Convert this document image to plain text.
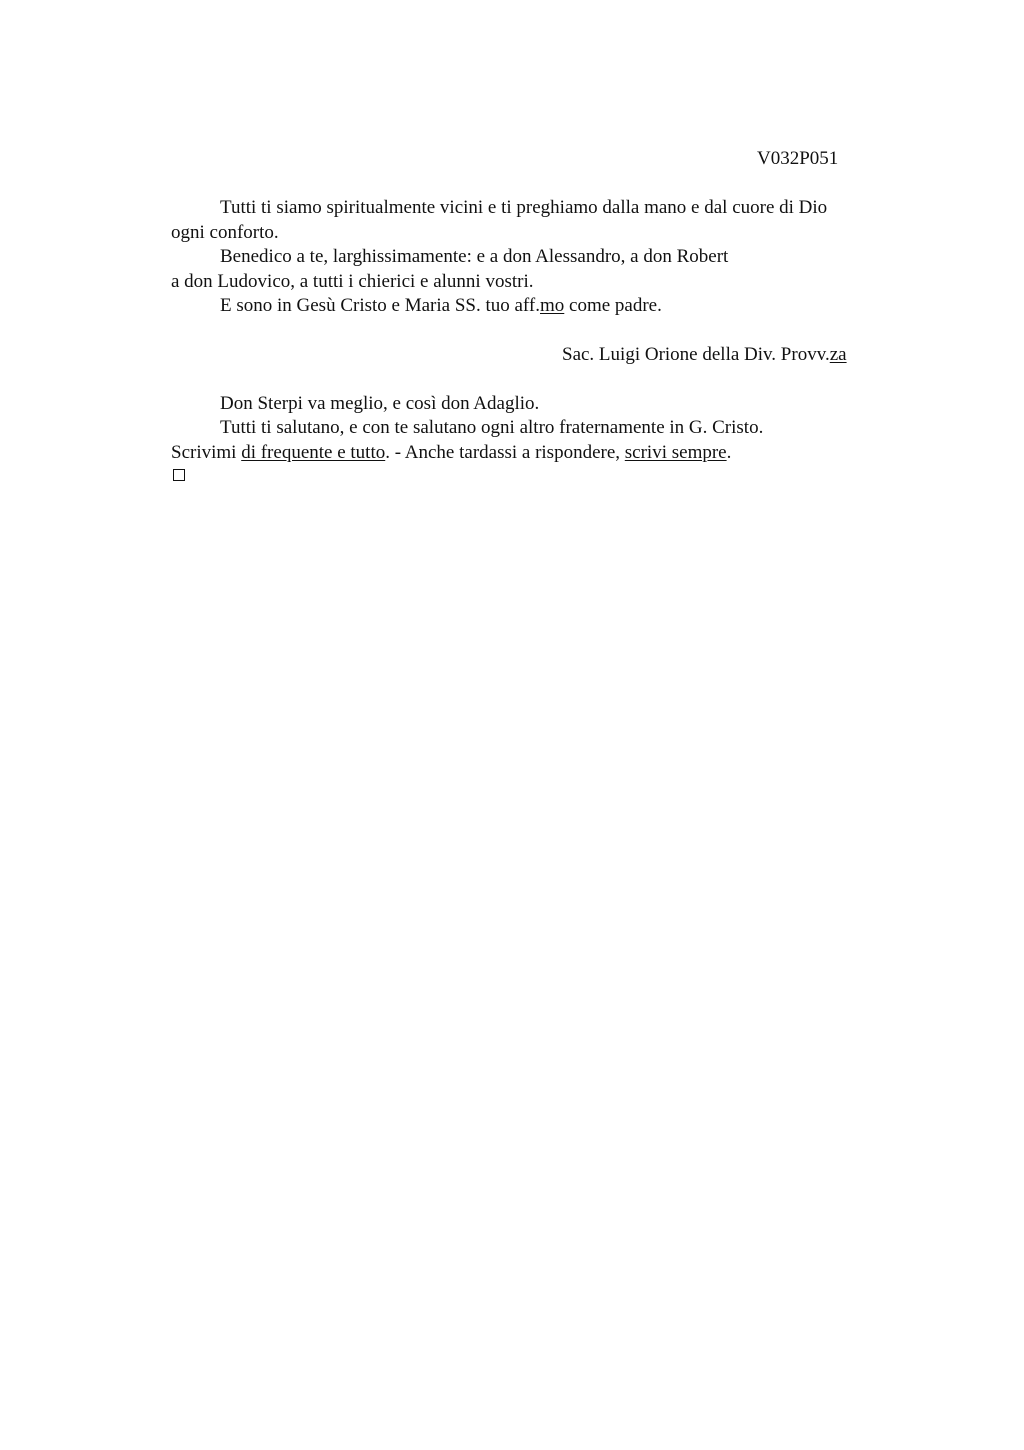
V032P051
Tutti ti siamo spiritualmente vicini e ti preghiamo dalla mano e dal cuore di Dio
ogni conforto.
Benedico a te, larghissimamente: e a don Alessandro, a don Robert
a don Ludovico, a tutti i chierici e alunni vostri.
E sono in Gesù Cristo e Maria SS. tuo aff.mo come padre.
Sac. Luigi Orione della Div. Provv.za
Don Sterpi va meglio, e così don Adaglio.
Tutti ti salutano, e con te salutano ogni altro fraternamente in G. Cristo.
Scrivimi di frequente e tutto. - Anche tardassi a rispondere, scrivi sempre.
